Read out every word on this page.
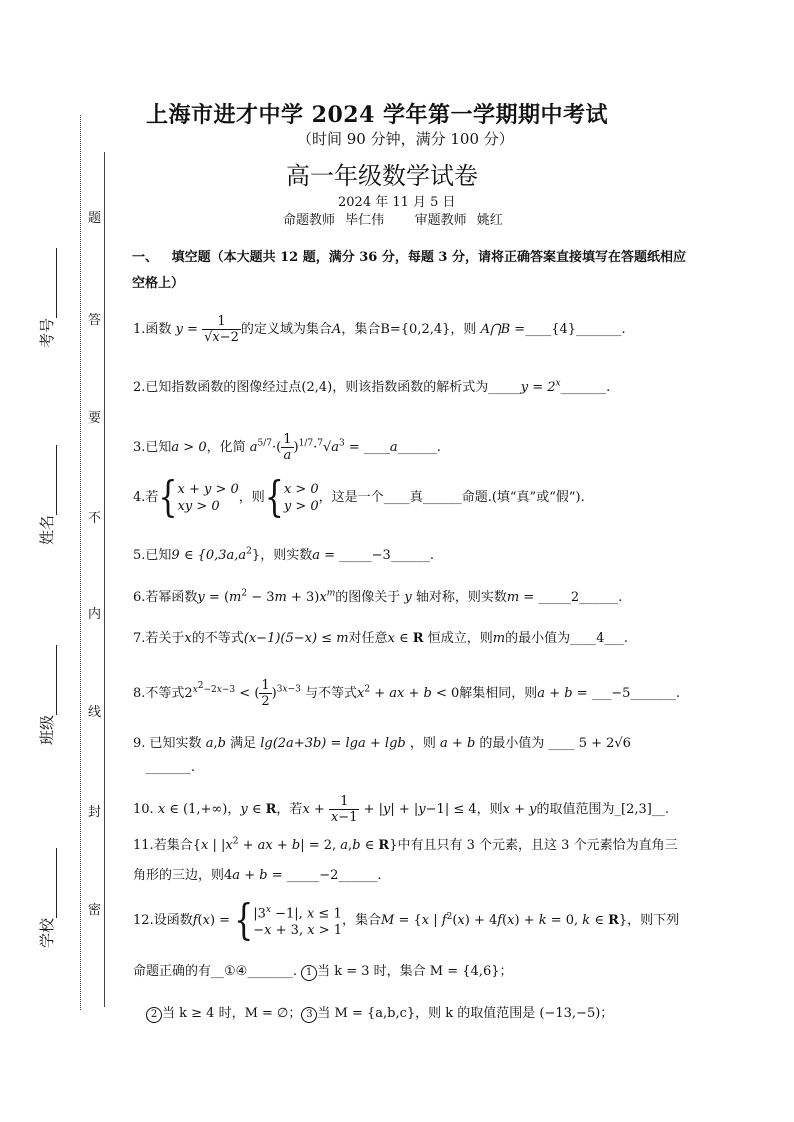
题
答
要
不
内
线
封
密
考号
姓名
班级
学校
上海市进才中学 2024 学年第一学期期中考试
（时间 90 分钟，满分 100 分）
高一年级数学试卷
2024 年 11 月 5 日
命题教师 毕仁伟 审题教师 姚红
一、 填空题（本大题共 12 题，满分 36 分，每题 3 分，请将正确答案直接填写在答题纸相应空格上）
1.函数 $y = \frac{1}{√x-2}$ 的定义域为集合A，集合B={0,2,4}，则 A⋂B =____{4}_______.
2.已知指数函数的图像经过点(2,4)，则该指数函数的解析式为_____y = $2^x\_\_\_\_\_\_\_$.
3.已知a > 0，化简 $a^{5/7}\cdot( \frac{1}{a} )^{1/7}\cdot^7√a^3$ = ____a______.
4.若{x + y > 0
xy > 0，则{x > 0
y > 0，这是一个____真______命题.(填“真”或“假”).
5.已知9 ∈ $\{0,3a,a^2\}$，则实数a = _____−3______.
6.若幂函数$y = (m^2 - 3m + 3)x^m$的图像关于 y 轴对称，则实数m = _____2______.
7.若关于x的不等式(x−1)(5−x) ≤ m对任意x ∈ R 恒成立，则m的最小值为____4___.
8.不等式$2^{x^2-2x-3}$ < ( $\frac{1}{2} )^{3x-3}$ 与不等式$x^2$ + ax + b < 0解集相同，则a + b = ___−5_______.
9. 已知实数 a,b 满足 lg(2a+3b) = lga + lgb ，则 a + b 的最小值为 ____ 5 + 2√6
_______.
10. x ∈ (1,+∞)，y ∈ R，若$x + \frac{1}{x-1} + |y| + |y-1| \le 4$，则x + y的取值范围为_[2,3]__.
11.若集合{x | $|x^2$ + ax + b| = 2, a,b ∈ R}中有且只有 3 个元素，且这 3 个元素恰为直角三
角形的三边，则4a + b = _____−2______.
12.设函数$f(x) = \{|3^x -1|$, x ≤ 1
−x + 3, x > 1，集合M = {x | $f^2(x) + 4f(x) + k = 0$, k ∈ R}，则下列
命题正确的有__①④_______. 1 当 k = 3 时，集合 M = {4,6}；
2 当 k ≥ 4 时，M = ∅； 3 当 M = {a,b,c}，则 k 的取值范围是 (−13,−5)；
